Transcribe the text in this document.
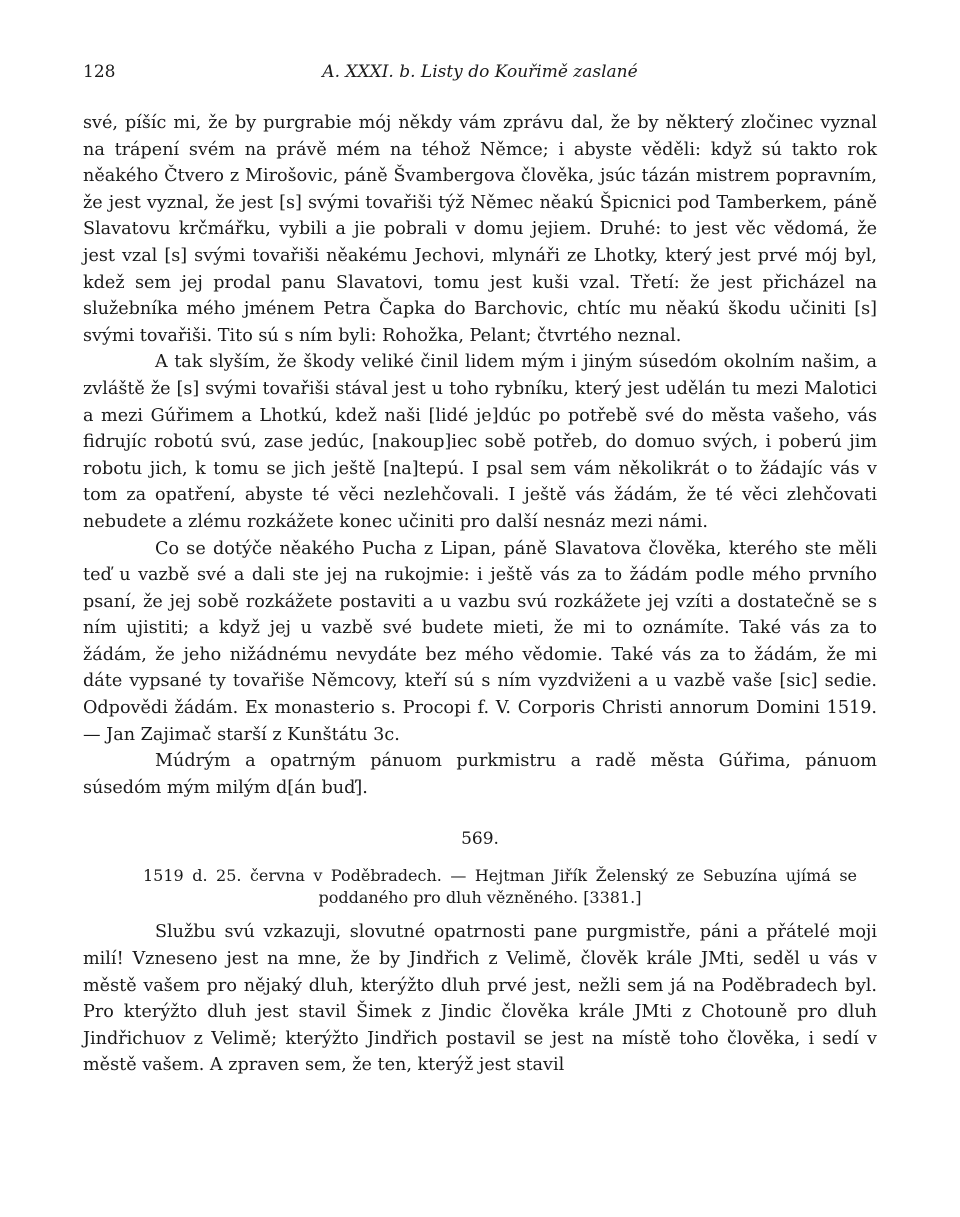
128	A. XXXI. b. Listy do Kouřimě zaslané

své, píšíc mi, že by purgrabie mój někdy vám zprávu dal, že by některý zločinec vyznal na trápení svém na právě mém na téhož Němce; i abyste věděli: když sú takto rok něakého Čtvero z Mirošovic, páně Švambergova člověka, jsúc tázán mistrem popravním, že jest vyznal, že jest [s] svými tovařiši týž Němec něakú Špicnici pod Tamberkem, páně Slavatovu krčmářku, vybili a jie pobrali v domu jejiem. Druhé: to jest věc vědomá, že jest vzal [s] svými tovařiši něakému Jechovi, mlynáři ze Lhotky, který jest prvé mój byl, kdež sem jej prodal panu Slavatovi, tomu jest kuši vzal. Třetí: že jest přicházel na služebníka mého jménem Petra Čapka do Barchovic, chtíc mu něakú škodu učiniti [s] svými tovařiši. Tito sú s ním byli: Rohožka, Pelant; čtvrtého neznal.

A tak slyším, že škody veliké činil lidem mým i jiným súsedóm okolním našim, a zvláště že [s] svými tovařiši stával jest u toho rybníku, který jest udělán tu mezi Malotici a mezi Gúřimem a Lhotkú, kdež naši [lidé je]dúc po potřebě své do města vašeho, vás fidrujíc robotú svú, zase jedúc, [nakoup]iec sobě potřeb, do domuo svých, i poberú jim robotu jich, k tomu se jich ještě [na]tepú. I psal sem vám několikrát o to žádajíc vás v tom za opatření, abyste té věci nezlehčovali. I ještě vás žádám, že té věci zlehčovati nebudete a zlému rozkážete konec učiniti pro další nesnáz mezi námi.

Co se dotýče něakého Pucha z Lipan, páně Slavatova člověka, kterého ste měli teď u vazbě své a dali ste jej na rukojmie: i ještě vás za to žádám podle mého prvního psaní, že jej sobě rozkážete postaviti a u vazbu svú rozkážete jej vzíti a dostatečně se s ním ujistiti; a když jej u vazbě své budete mieti, že mi to oznámíte. Také vás za to žádám, že jeho nižádnému nevydáte bez mého vědomie. Také vás za to žádám, že mi dáte vypsané ty tovařiše Němcovy, kteří sú s ním vyzdviženi a u vazbě vaše [sic] sedie. Odpovědi žádám. Ex monasterio s. Procopi f. V. Corporis Christi annorum Domini 1519. — Jan Zajimač starší z Kunštátu 3c.

Múdrým a opatrným pánuom purkmistru a radě města Gúřima, pánuom súsedóm mým milým d[án buď].

569.
1519 d. 25. června v Poděbradech. — Hejtman Jiřík Želenský ze Sebuzína ujímá se
poddaného pro dluh vězněného. [3381.]

Službu svú vzkazuji, slovutné opatrnosti pane purgmistře, páni a přátelé moji milí! Vzneseno jest na mne, že by Jindřich z Velimě, člověk krále JMti, seděl u vás v městě vašem pro nějaký dluh, kterýžto dluh prvé jest, nežli sem já na Poděbradech byl. Pro kterýžto dluh jest stavil Šimek z Jindic člověka krále JMti z Chotouně pro dluh Jindřichuov z Velimě; kterýžto Jindřich postavil se jest na místě toho člověka, i sedí v městě vašem. A zpraven sem, že ten, kterýž jest stavil
